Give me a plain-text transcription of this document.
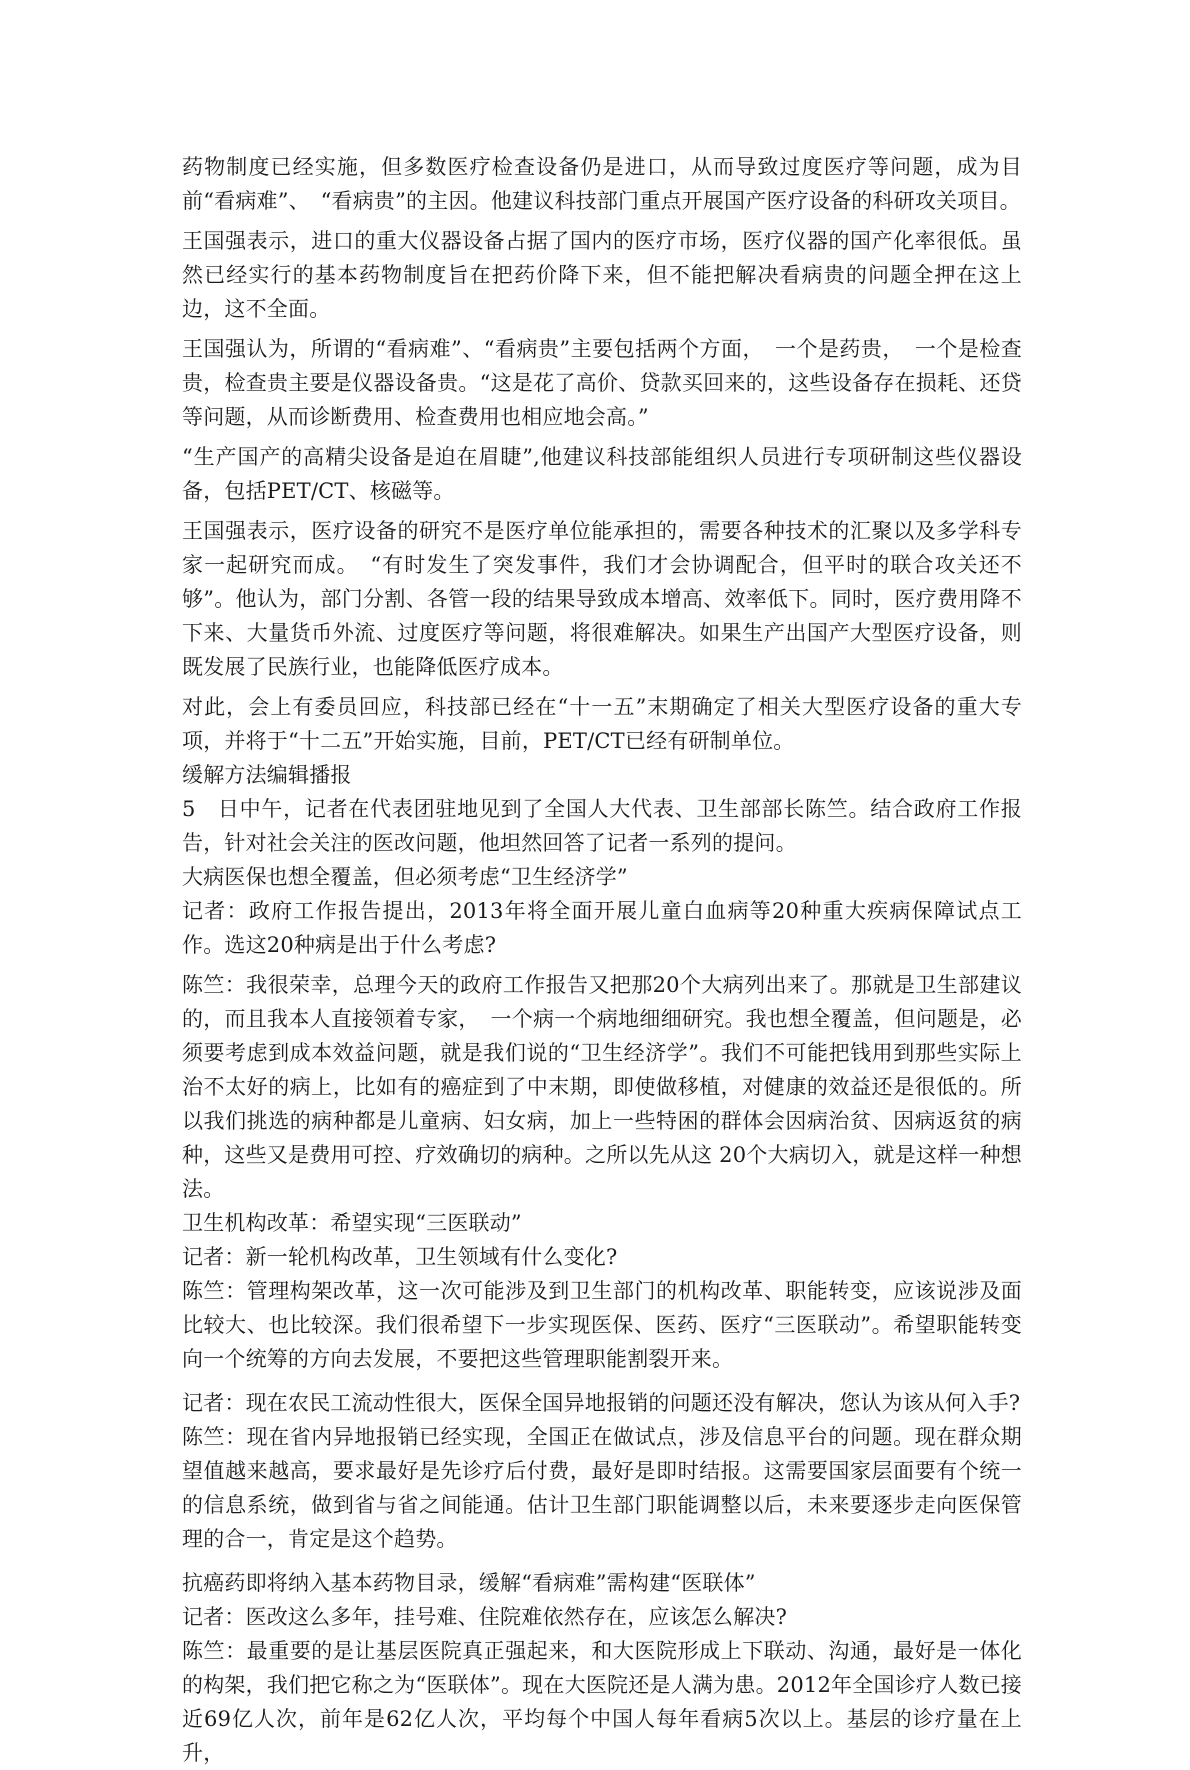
药物制度已经实施，但多数医疗检查设备仍是进口，从而导致过度医疗等问题，成为目前“看病难”、　“看病贵”的主因。他建议科技部门重点开展国产医疗设备的科研攻关项目。

王国强表示，进口的重大仪器设备占据了国内的医疗市场，医疗仪器的国产化率很低。虽然已经实行的基本药物制度旨在把药价降下来，但不能把解决看病贵的问题全押在这上边，这不全面。

王国强认为，所谓的“看病难”、“看病贵”主要包括两个方面，　一个是药贵，　一个是检查贵，检查贵主要是仪器设备贵。“这是花了高价、贷款买回来的，这些设备存在损耗、还贷等问题，从而诊断费用、检查费用也相应地会高。”

“生产国产的高精尖设备是迫在眉睫”,他建议科技部能组织人员进行专项研制这些仪器设备，包括PET/CT、核磁等。

王国强表示，医疗设备的研究不是医疗单位能承担的，需要各种技术的汇聚以及多学科专家一起研究而成。　“有时发生了突发事件，我们才会协调配合，但平时的联合攻关还不够”。他认为，部门分割、各管一段的结果导致成本增高、效率低下。同时，医疗费用降不下来、大量货币外流、过度医疗等问题，将很难解决。如果生产出国产大型医疗设备，则既发展了民族行业，也能降低医疗成本。

对此，会上有委员回应，科技部已经在“十一五”末期确定了相关大型医疗设备的重大专项，并将于“十二五”开始实施，目前，PET/CT已经有研制单位。

缓解方法编辑播报

5　日中午，记者在代表团驻地见到了全国人大代表、卫生部部长陈竺。结合政府工作报告，针对社会关注的医改问题，他坦然回答了记者一系列的提问。

大病医保也想全覆盖，但必须考虑“卫生经济学”

记者：政府工作报告提出，2013年将全面开展儿童白血病等20种重大疾病保障试点工作。选这20种病是出于什么考虑?

陈竺：我很荣幸，总理今天的政府工作报告又把那20个大病列出来了。那就是卫生部建议的，而且我本人直接领着专家，　一个病一个病地细细研究。我也想全覆盖，但问题是，必须要考虑到成本效益问题，就是我们说的“卫生经济学”。我们不可能把钱用到那些实际上治不太好的病上，比如有的癌症到了中末期，即使做移植，对健康的效益还是很低的。所以我们挑选的病种都是儿童病、妇女病，加上一些特困的群体会因病治贫、因病返贫的病种，这些又是费用可控、疗效确切的病种。之所以先从这 20个大病切入，就是这样一种想法。

卫生机构改革：希望实现“三医联动”

记者：新一轮机构改革，卫生领域有什么变化?

陈竺：管理构架改革，这一次可能涉及到卫生部门的机构改革、职能转变，应该说涉及面比较大、也比较深。我们很希望下一步实现医保、医药、医疗“三医联动”。希望职能转变向一个统筹的方向去发展，不要把这些管理职能割裂开来。

记者：现在农民工流动性很大，医保全国异地报销的问题还没有解决，您认为该从何入手?

陈竺：现在省内异地报销已经实现，全国正在做试点，涉及信息平台的问题。现在群众期望值越来越高，要求最好是先诊疗后付费，最好是即时结报。这需要国家层面要有个统一的信息系统，做到省与省之间能通。估计卫生部门职能调整以后，未来要逐步走向医保管理的合一，肯定是这个趋势。

抗癌药即将纳入基本药物目录，缓解“看病难”需构建“医联体”

记者：医改这么多年，挂号难、住院难依然存在，应该怎么解决?

陈竺：最重要的是让基层医院真正强起来，和大医院形成上下联动、沟通，最好是一体化的构架，我们把它称之为“医联体”。现在大医院还是人满为患。2012年全国诊疗人数已接近69亿人次，前年是62亿人次，平均每个中国人每年看病5次以上。基层的诊疗量在上升，
